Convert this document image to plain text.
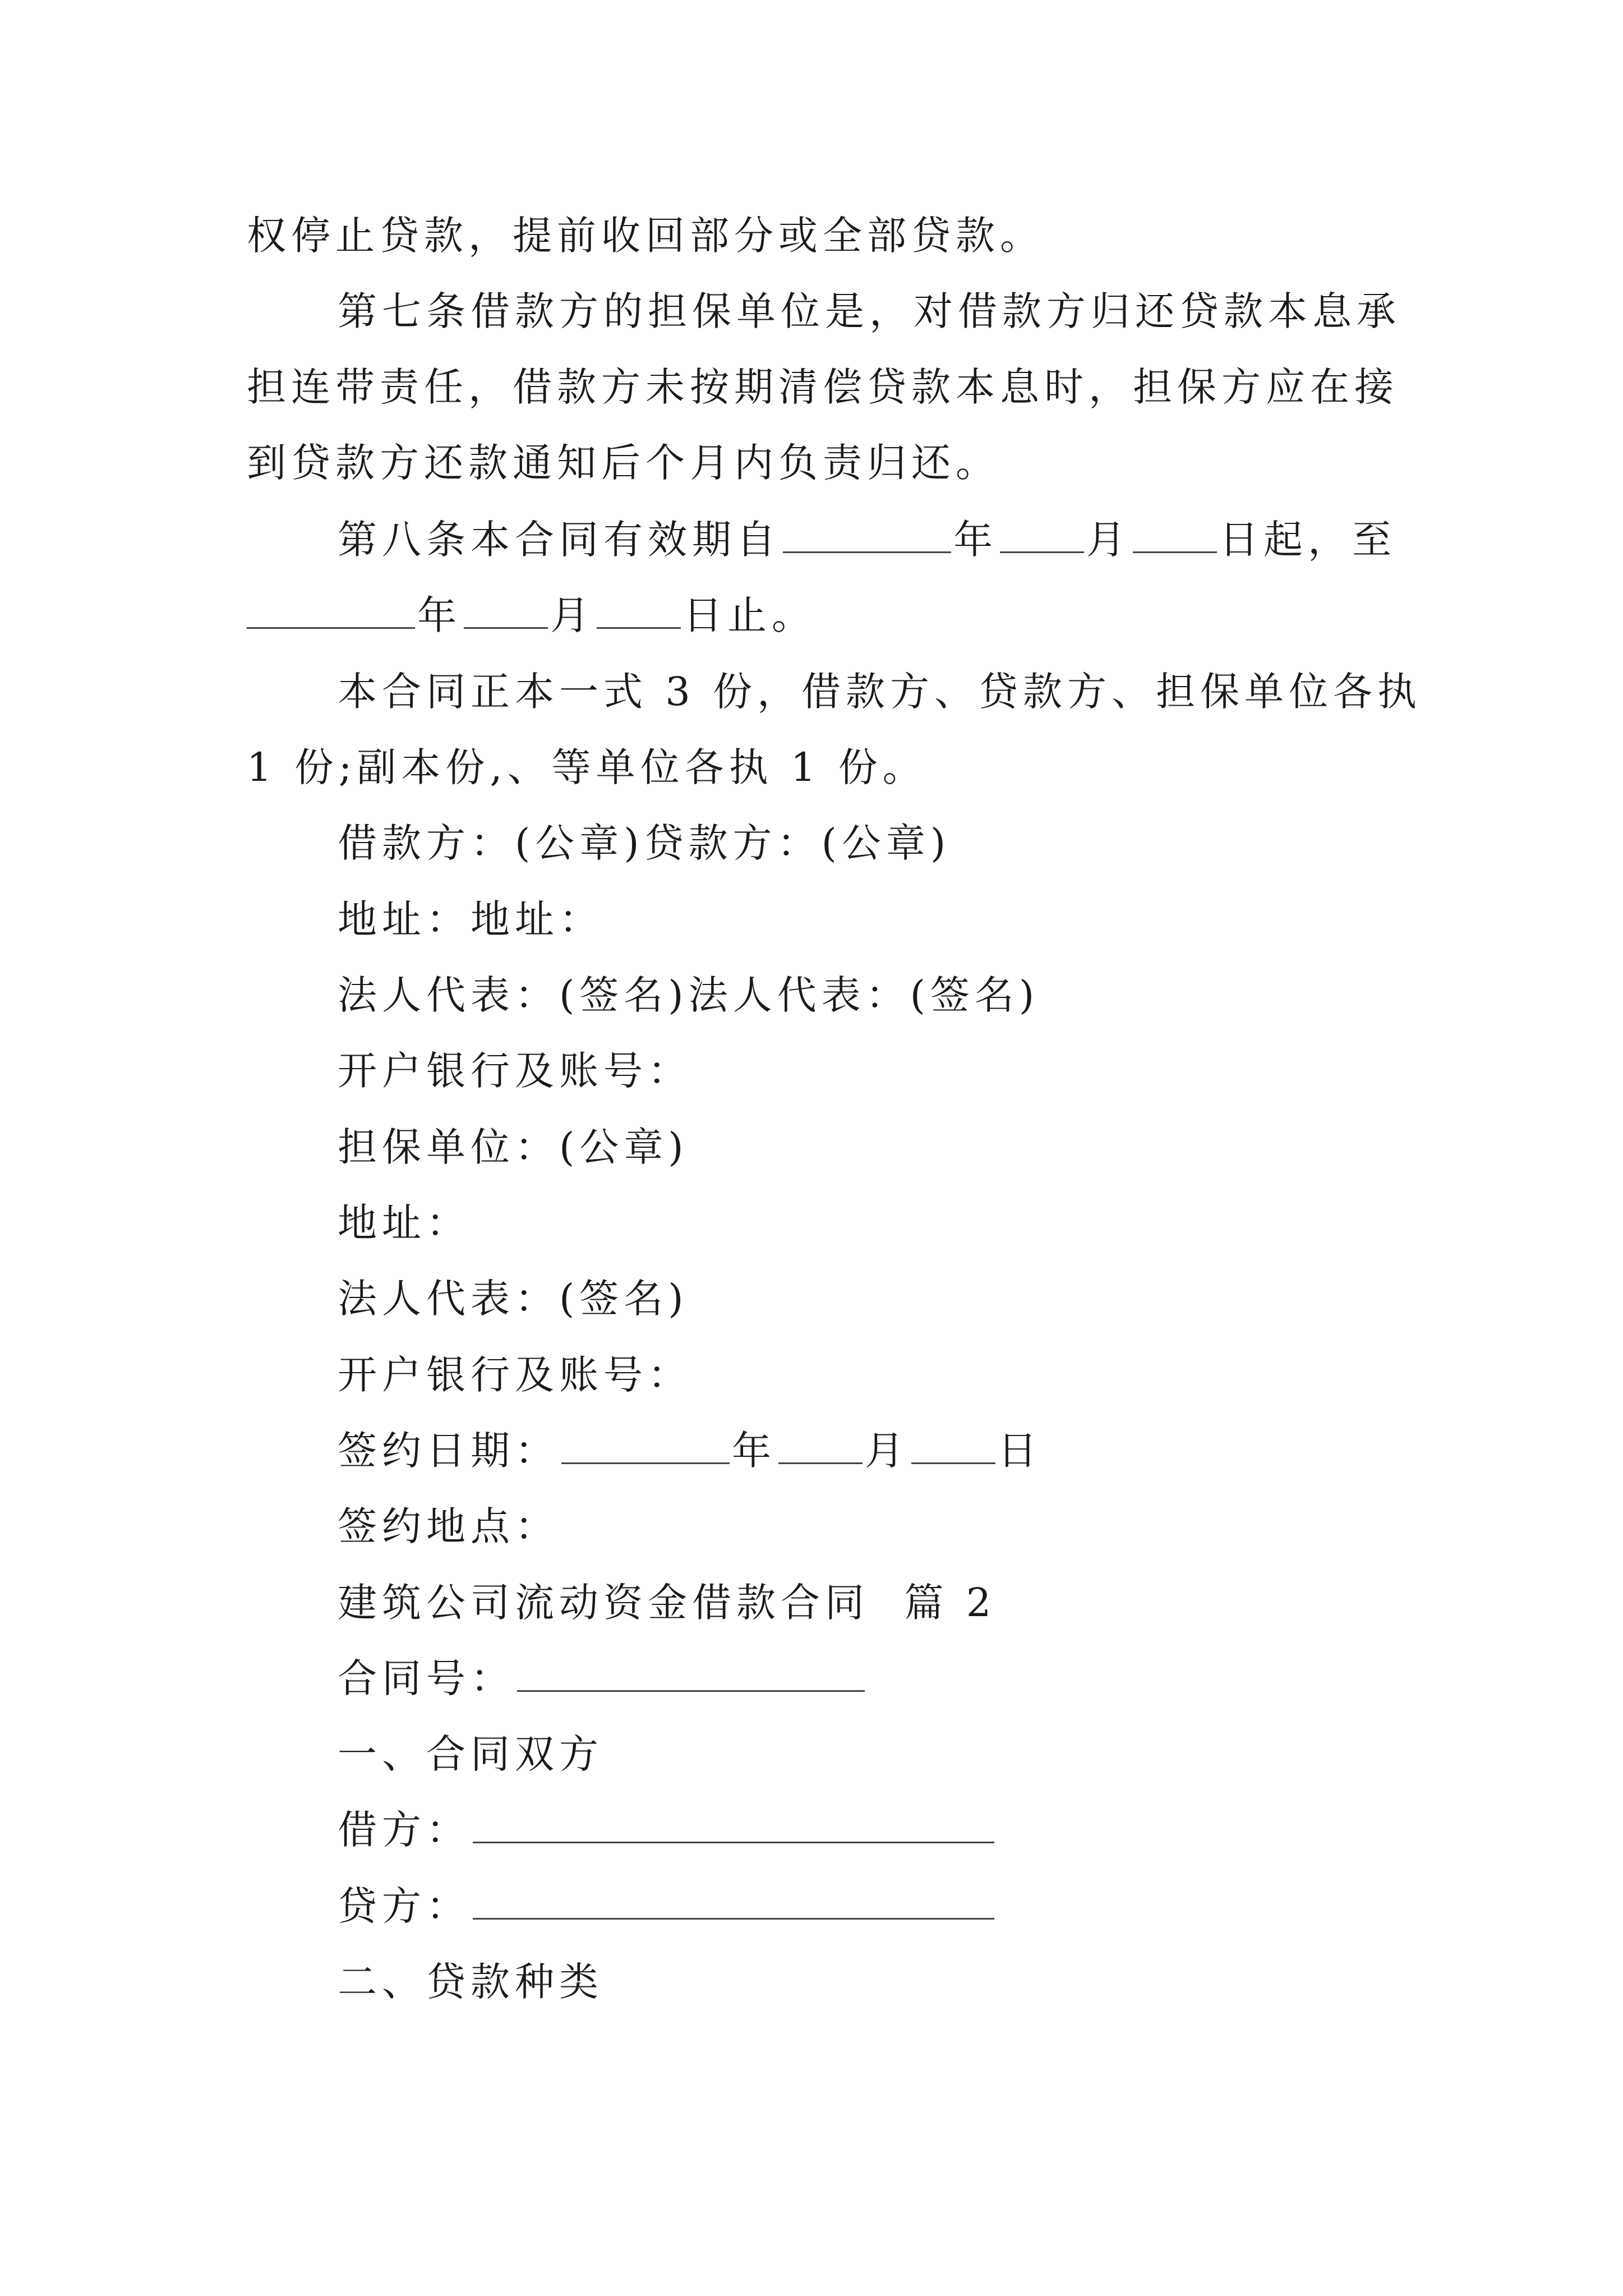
权停止贷款，提前收回部分或全部贷款。
第七条借款方的担保单位是，对借款方归还贷款本息承
担连带责任，借款方未按期清偿贷款本息时，担保方应在接
到贷款方还款通知后个月内负责归还。
第八条本合同有效期自	年 月 日起，至
年 月 日止。
本合同正本一式 3 份，借款方、贷款方、担保单位各执
1 份;副本份,、等单位各执 1 份。
借款方：(公章)贷款方：(公章)
地址：地址：
法人代表：(签名)法人代表：(签名)
开户银行及账号：
担保单位：(公章)
地址：
法人代表：(签名)
开户银行及账号：
签约日期：	年 月 日
签约地点：
建筑公司流动资金借款合同  篇 2
合同号：
一、合同双方
借方：
贷方：
二、贷款种类
